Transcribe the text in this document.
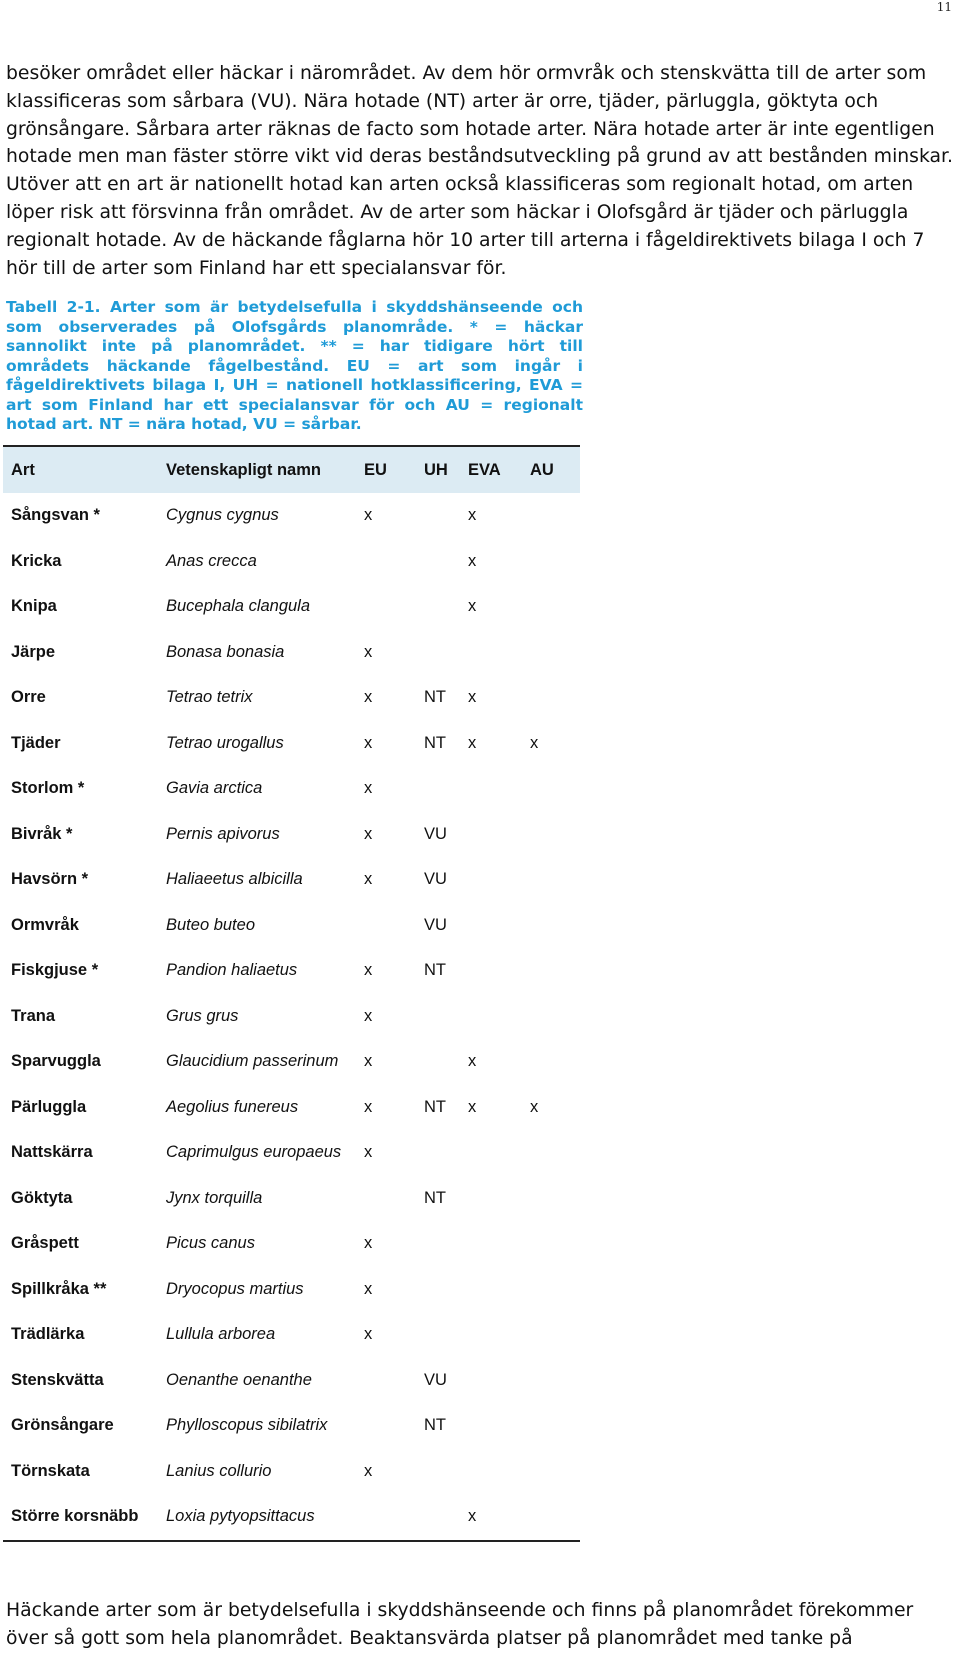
11

besöker området eller häckar i närområdet. Av dem hör ormvråk och stenskvätta till de arter som klassificeras som sårbara (VU). Nära hotade (NT) arter är orre, tjäder, pärluggla, göktyta och grönsångare. Sårbara arter räknas de facto som hotade arter. Nära hotade arter är inte egentligen hotade men man fäster större vikt vid deras beståndsutveckling på grund av att bestånden minskar. Utöver att en art är nationellt hotad kan arten också klassificeras som regionalt hotad, om arten löper risk att försvinna från området. Av de arter som häckar i Olofsgård är tjäder och pärluggla regionalt hotade. Av de häckande fåglarna hör 10 arter till arterna i fågeldirektivets bilaga I och 7 hör till de arter som Finland har ett specialansvar för.

Tabell 2-1. Arter som är betydelsefulla i skyddshänseende och som observerades på Olofsgårds planområde. * = häckar sannolikt inte på planområdet. ** = har tidigare hört till områdets häckande fågelbestånd. EU = art som ingår i fågeldirektivets bilaga I, UH = nationell hotklassificering, EVA = art som Finland har ett specialansvar för och AU = regionalt hotad art. NT = nära hotad, VU = sårbar.

Art	Vetenskapligt namn	EU	UH	EVA	AU
Sångsvan *	Cygnus cygnus	x		x	
Kricka	Anas crecca			x	
Knipa	Bucephala clangula			x	
Järpe	Bonasa bonasia	x			
Orre	Tetrao tetrix	x	NT	x	
Tjäder	Tetrao urogallus	x	NT	x	x
Storlom *	Gavia arctica	x			
Bivråk *	Pernis apivorus	x	VU		
Havsörn *	Haliaeetus albicilla	x	VU		
Ormvråk	Buteo buteo		VU		
Fiskgjuse *	Pandion haliaetus	x	NT		
Trana	Grus grus	x			
Sparvuggla	Glaucidium passerinum	x		x	
Pärluggla	Aegolius funereus	x	NT	x	x
Nattskärra	Caprimulgus europaeus	x			
Göktyta	Jynx torquilla		NT		
Gråspett	Picus canus	x			
Spillkråka **	Dryocopus martius	x			
Trädlärka	Lullula arborea	x			
Stenskvätta	Oenanthe oenanthe		VU		
Grönsångare	Phylloscopus sibilatrix		NT		
Törnskata	Lanius collurio	x			
Större korsnäbb	Loxia pytyopsittacus			x	

Häckande arter som är betydelsefulla i skyddshänseende och finns på planområdet förekommer över så gott som hela planområdet. Beaktansvärda platser på planområdet med tanke på
